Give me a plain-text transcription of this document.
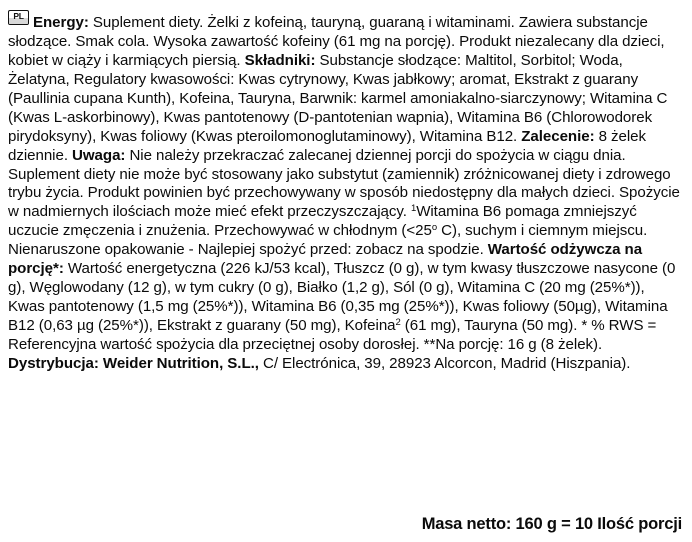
PL Energy: Suplement diety. Żelki z kofeiną, tauryną, guaraną i witaminami. Zawiera substancje słodzące. Smak cola. Wysoka zawartość kofeiny (61 mg na porcję). Produkt niezalecany dla dzieci, kobiet w ciąży i karmiących piersią. Składniki: Substancje słodzące: Maltitol, Sorbitol; Woda, Żelatyna, Regulatory kwasowości: Kwas cytrynowy, Kwas jabłkowy; aromat, Ekstrakt z guarany (Paullinia cupana Kunth), Kofeina, Tauryna, Barwnik: karmel amoniakalno-siarczynowy; Witamina C (Kwas L-askorbinowy), Kwas pantotenowy (D-pantotenian wapnia), Witamina B6 (Chlorowodorek pirydoksyny), Kwas foliowy (Kwas pteroilomonoglutaminowy), Witamina B12. Zalecenie: 8 żelek dziennie. Uwaga: Nie należy przekraczać zalecanej dziennej porcji do spożycia w ciągu dnia. Suplement diety nie może być stosowany jako substytut (zamiennik) zróżnicowanej diety i zdrowego trybu życia. Produkt powinien być przechowywany w sposób niedostępny dla małych dzieci. Spożycie w nadmiernych ilościach może mieć efekt przeczyszczający. $^1$Witamina B6 pomaga zmniejszyć uczucie zmęczenia i znużenia. Przechowywać w chłodnym ($<25^o$ C), suchym i ciemnym miejscu. Nienaruszone opakowanie - Najlepiej spożyć przed: zobacz na spodzie. Wartość odżywcza na porcję*: Wartość energetyczna (226 kJ/53 kcal), Tłuszcz (0 g), w tym kwasy tłuszczowe nasycone (0 g), Węglowodany (12 g), w tym cukry (0 g), Białko (1,2 g), Sól (0 g), Witamina C (20 mg (25%*)), Kwas pantotenowy (1,5 mg (25%*)), Witamina B6 (0,35 mg (25%*)), Kwas foliowy (50µg), Witamina B12 (0,63 µg (25%*)), Ekstrakt z guarany (50 mg), Kofeina$^2$ (61 mg), Tauryna (50 mg). * % RWS = Referencyjna wartość spożycia dla przeciętnej osoby dorosłej. **Na porcję: 16 g (8 żelek). Dystrybucja: Weider Nutrition, S.L., C/ Electrónica, 39, 28923 Alcorcon, Madrid (Hiszpania).
Masa netto: 160 g = 10 Ilość porcji
